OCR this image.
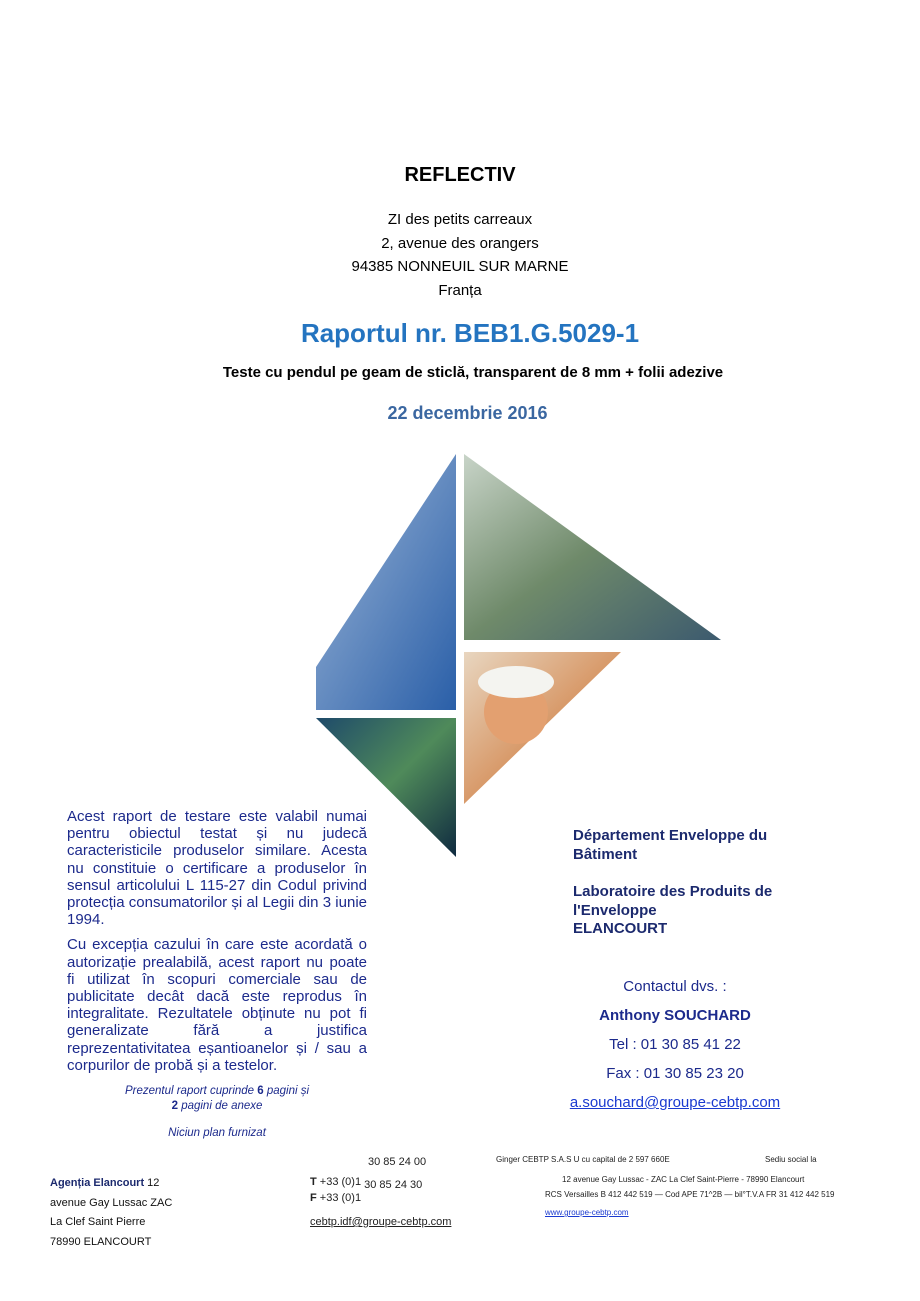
REFLECTIV
ZI des petits carreaux
2, avenue des orangers
94385 NONNEUIL SUR MARNE
Franța
Raportul nr. BEB1.G.5029-1
Teste cu pendul pe geam de sticlă, transparent de 8 mm + folii adezive
22 decembrie 2016

Acest raport de testare este valabil numai pentru obiectul testat și nu judecă caracteristicile produselor similare. Acesta nu constituie o certificare a produselor în sensul articolului L 115-27 din Codul privind protecția consumatorilor și al Legii din 3 iunie 1994.

Cu excepția cazului în care este acordată o autorizație prealabilă, acest raport nu poate fi utilizat în scopuri comerciale sau de publicitate decât dacă este reprodus în integralitate. Rezultatele obținute nu pot fi generalizate fără a justifica reprezentativitatea eșantioanelor și / sau a corpurilor de probă și a testelor.

Prezentul raport cuprinde 6 pagini și
2 pagini de anexe
Niciun plan furnizat
Département Enveloppe du Bâtiment
Laboratoire des Produits de l'Enveloppe
ELANCOURT
Contactul dvs. :
Anthony SOUCHARD
Tel : 01 30 85 41 22
Fax : 01 30 85 23 20
a.souchard@groupe-cebtp.com
Agenția Elancourt 12
avenue Gay Lussac ZAC
La Clef Saint Pierre
78990 ELANCOURT
30 85 24 00
T +33 (0)1 30 85 24 30
F +33 (0)1
cebtp.idf@groupe-cebtp.com
Ginger CEBTP S.A.S U cu capital de 2 597 660E	Sediu social la
12 avenue Gay Lussac - ZAC La Clef Saint-Pierre - 78990 Elancourt
RCS Versailles B 412 442 519 — Cod APE 71^2B — bil°T.V.A FR 31 412 442 519
www.groupe-cebtp.com
